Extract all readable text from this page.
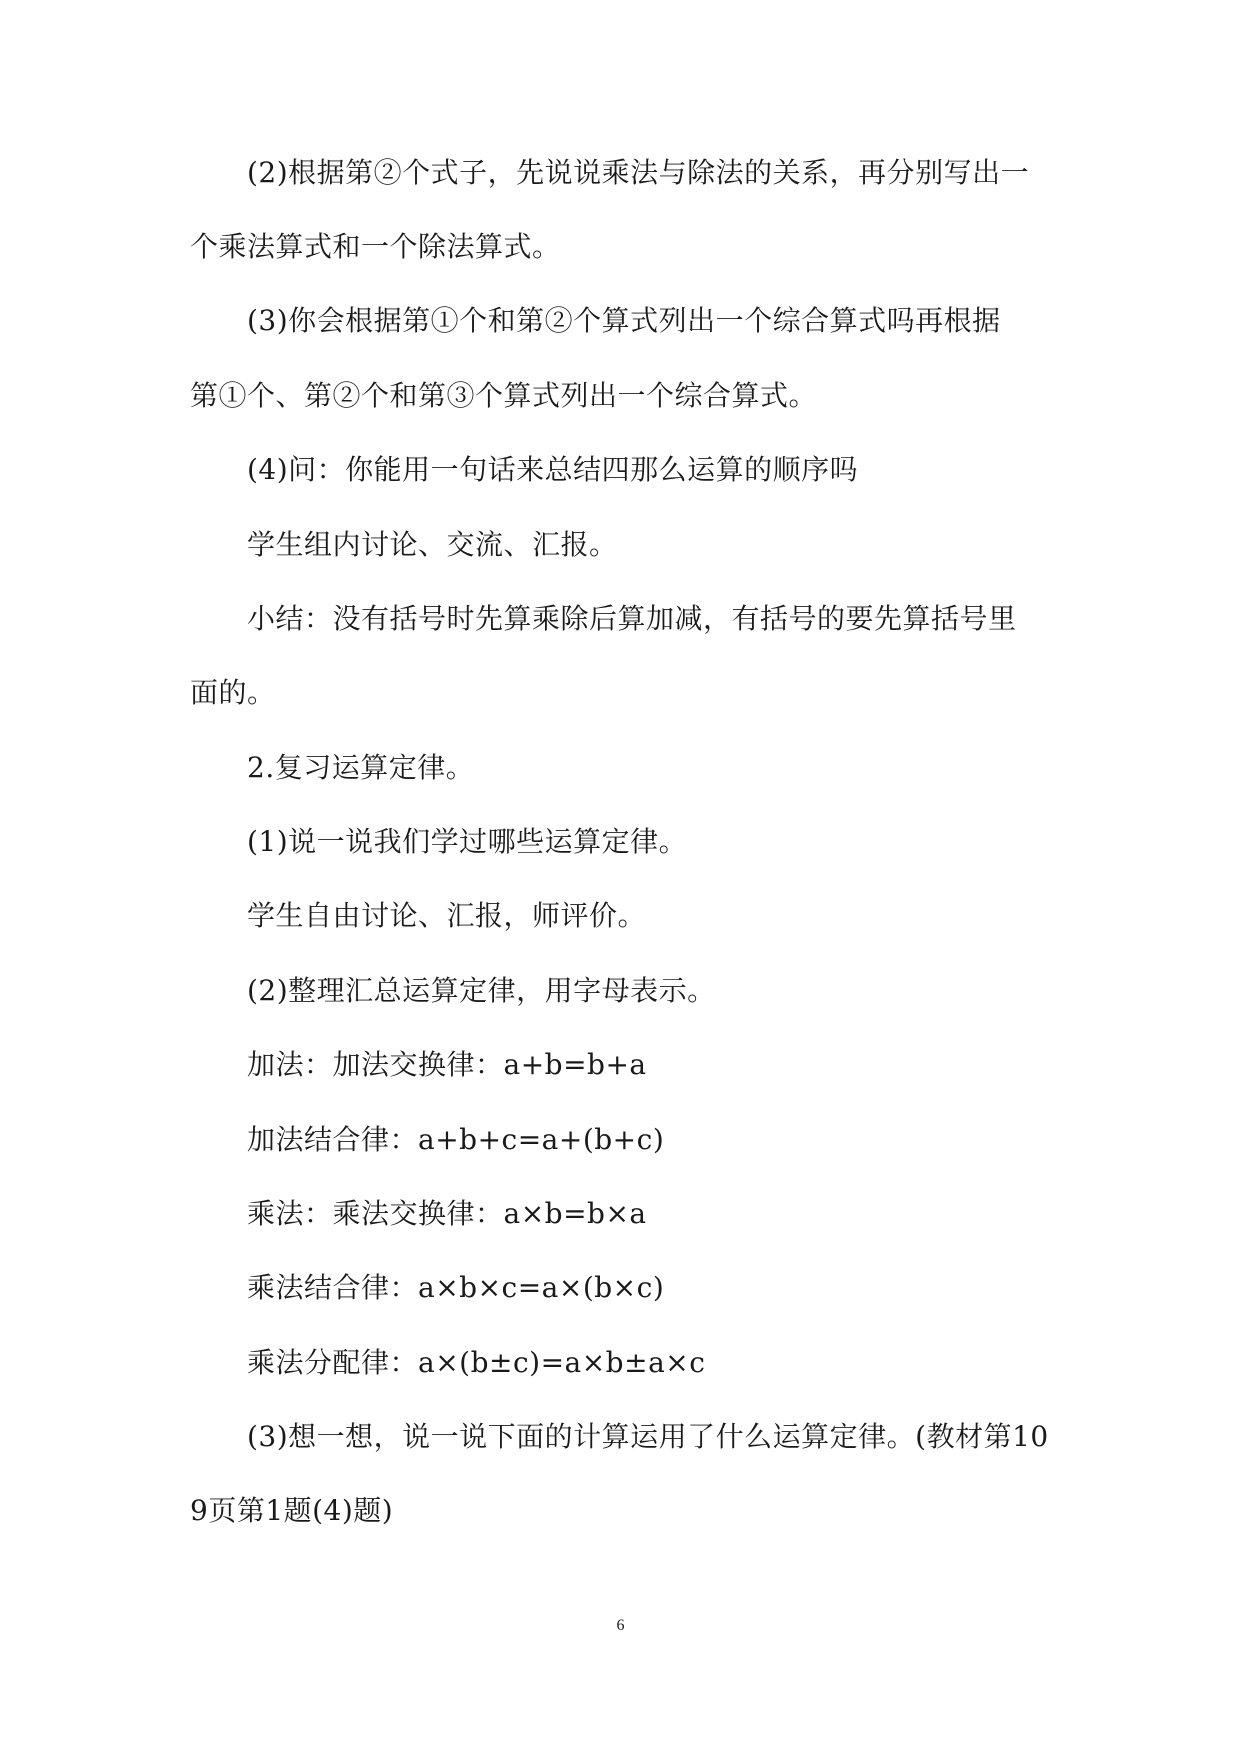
(2)根据第②个式子，先说说乘法与除法的关系，再分别写出一
个乘法算式和一个除法算式。
(3)你会根据第①个和第②个算式列出一个综合算式吗再根据
第①个、第②个和第③个算式列出一个综合算式。
(4)问：你能用一句话来总结四那么运算的顺序吗
学生组内讨论、交流、汇报。
小结：没有括号时先算乘除后算加减，有括号的要先算括号里
面的。
2.复习运算定律。
(1)说一说我们学过哪些运算定律。
学生自由讨论、汇报，师评价。
(2)整理汇总运算定律，用字母表示。
加法：加法交换律：a+b=b+a
加法结合律：a+b+c=a+(b+c)
乘法：乘法交换律：a×b=b×a
乘法结合律：a×b×c=a×(b×c)
乘法分配律：a×(b±c)=a×b±a×c
(3)想一想，说一说下面的计算运用了什么运算定律。(教材第10
9页第1题(4)题)
6
